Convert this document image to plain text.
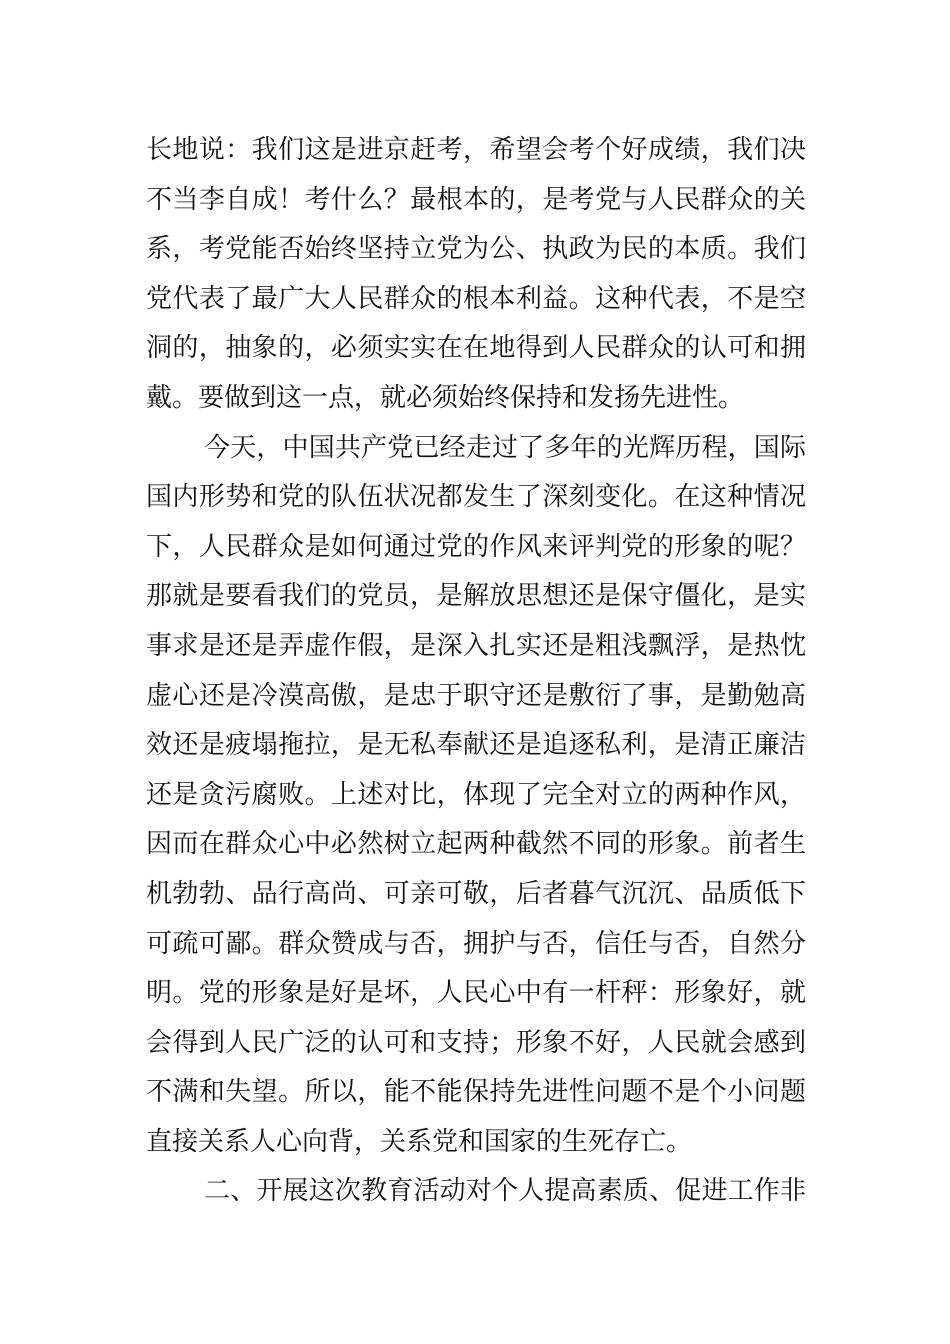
长地说：我们这是进京赶考，希望会考个好成绩，我们决
不当李自成！考什么？最根本的，是考党与人民群众的关
系，考党能否始终坚持立党为公、执政为民的本质。我们
党代表了最广大人民群众的根本利益。这种代表，不是空
洞的，抽象的，必须实实在在地得到人民群众的认可和拥
戴。要做到这一点，就必须始终保持和发扬先进性。
今天，中国共产党已经走过了多年的光辉历程，国际
国内形势和党的队伍状况都发生了深刻变化。在这种情况
下，人民群众是如何通过党的作风来评判党的形象的呢？
那就是要看我们的党员，是解放思想还是保守僵化，是实
事求是还是弄虚作假，是深入扎实还是粗浅飘浮，是热忱
虚心还是冷漠高傲，是忠于职守还是敷衍了事，是勤勉高
效还是疲塌拖拉，是无私奉献还是追逐私利，是清正廉洁
还是贪污腐败。上述对比，体现了完全对立的两种作风，
因而在群众心中必然树立起两种截然不同的形象。前者生
机勃勃、品行高尚、可亲可敬，后者暮气沉沉、品质低下
可疏可鄙。群众赞成与否，拥护与否，信任与否，自然分
明。党的形象是好是坏，人民心中有一杆秤：形象好，就
会得到人民广泛的认可和支持；形象不好，人民就会感到
不满和失望。所以，能不能保持先进性问题不是个小问题
直接关系人心向背，关系党和国家的生死存亡。
二、开展这次教育活动对个人提高素质、促进工作非
